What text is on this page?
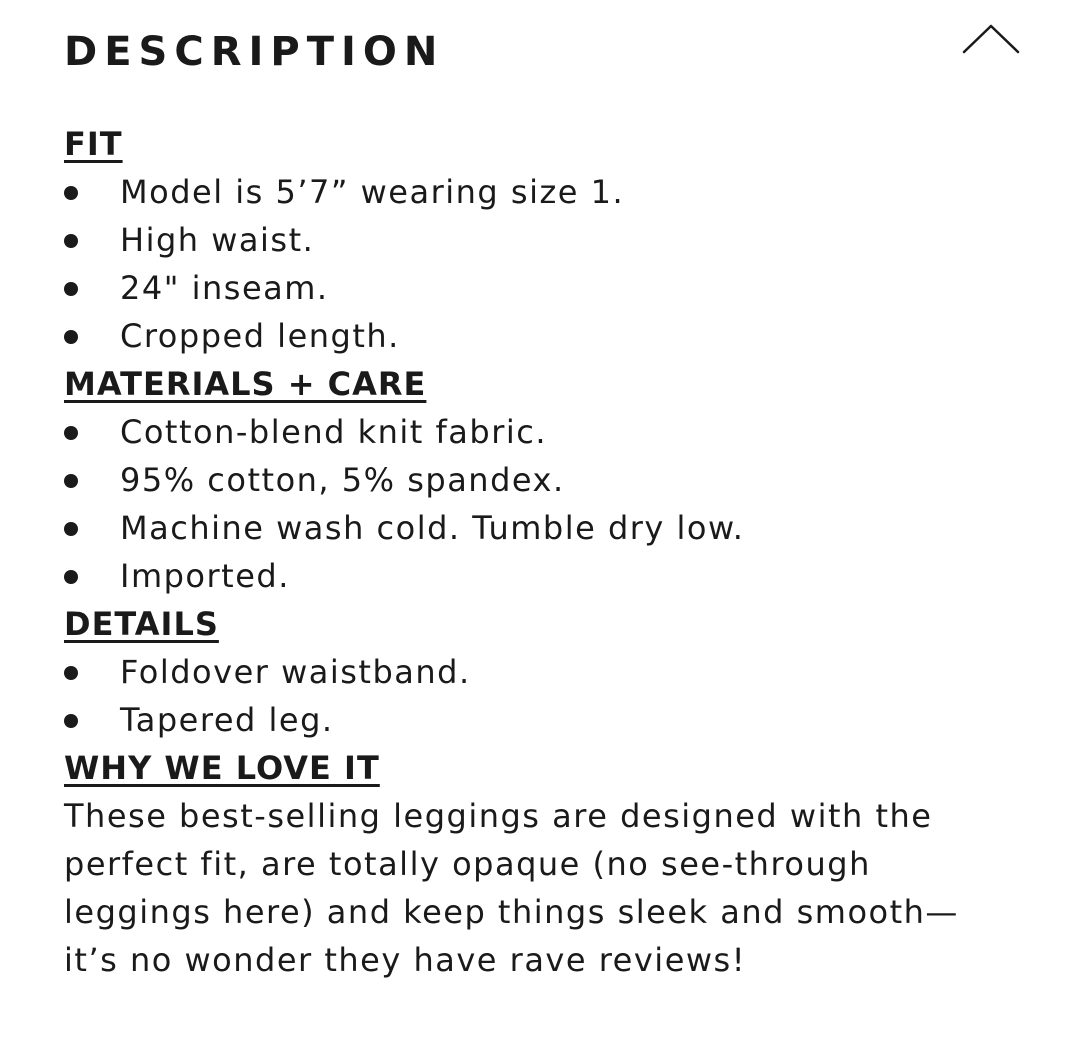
DESCRIPTION
FIT
Model is 5’7” wearing size 1.
High waist.
24" inseam.
Cropped length.
MATERIALS + CARE
Cotton-blend knit fabric.
95% cotton, 5% spandex.
Machine wash cold. Tumble dry low.
Imported.
DETAILS
Foldover waistband.
Tapered leg.
WHY WE LOVE IT

These best-selling leggings are designed with the perfect fit, are totally opaque (no see-through leggings here) and keep things sleek and smooth—it’s no wonder they have rave reviews!
